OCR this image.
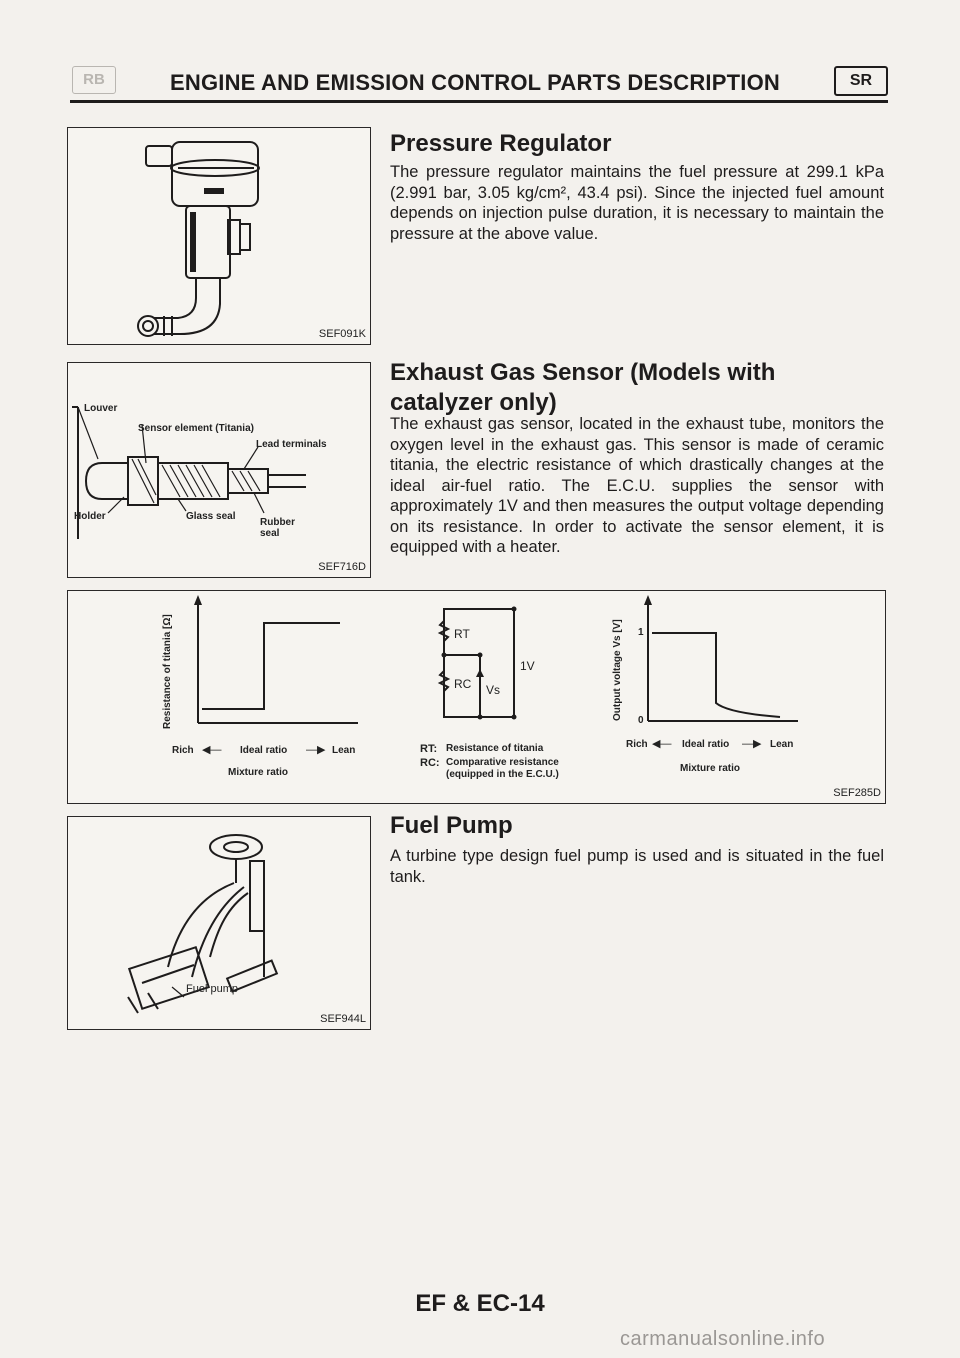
RB	ENGINE AND EMISSION CONTROL PARTS DESCRIPTION	SR
SEF091K
Pressure Regulator
The pressure regulator maintains the fuel pressure at 299.1 kPa (2.991 bar, 3.05 kg/cm², 43.4 psi). Since the injected fuel amount depends on injection pulse duration, it is necessary to maintain the pressure at the above value.
Louver
Sensor element (Titania)
Lead terminals
Holder	Glass seal
Rubber seal
SEF716D
Exhaust Gas Sensor (Models with catalyzer only)
The exhaust gas sensor, located in the exhaust tube, monitors the oxygen level in the exhaust gas. This sensor is made of ceramic titania, the electric resistance of which drastically changes at the ideal air-fuel ratio. The E.C.U. supplies the sensor with approximately 1V and then measures the output voltage depending on its resistance. In order to activate the sensor element, it is equipped with a heater.
Resistance of titania [Ω]
Rich ◀— Ideal ratio —▶ Lean
Mixture ratio
RT
RC
1V
Vs
RT: Resistance of titania
RC: Comparative resistance
(equipped in the E.C.U.)
Output voltage Vs [V] 1
0
Rich ◀— Ideal ratio —▶ Lean
Mixture ratio
SEF285D
Fuel pump
SEF944L
Fuel Pump
A turbine type design fuel pump is used and is situated in the fuel tank.
EF & EC-14
carmanualsonline.info
